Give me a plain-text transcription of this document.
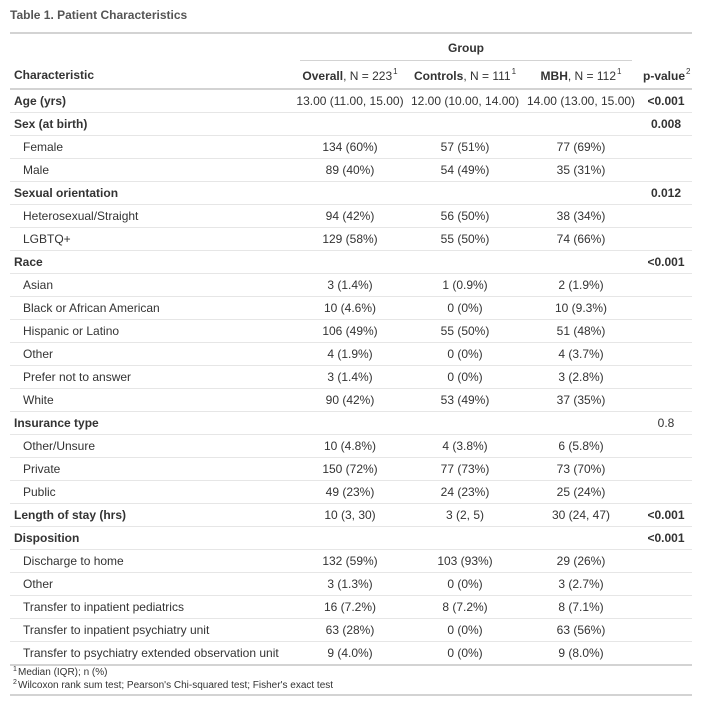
Table 1. Patient Characteristics
	Group			
Characteristic	Overall, $N = 223^1$	Controls, $N = 111^1$	MBH, $N = 112^1$	p-value$^2$
Age (yrs)	13.00 (11.00, 15.00)	12.00 (10.00, 14.00)	14.00 (13.00, 15.00)	<0.001
Sex (at birth)				0.008
Female	134 (60%)	57 (51%)	77 (69%)	
Male	89 (40%)	54 (49%)	35 (31%)	
Sexual orientation				0.012
Heterosexual/Straight	94 (42%)	56 (50%)	38 (34%)	
LGBTQ+	129 (58%)	55 (50%)	74 (66%)	
Race				<0.001
Asian	3 (1.4%)	1 (0.9%)	2 (1.9%)	
Black or African American	10 (4.6%)	0 (0%)	10 (9.3%)	
Hispanic or Latino	106 (49%)	55 (50%)	51 (48%)	
Other	4 (1.9%)	0 (0%)	4 (3.7%)	
Prefer not to answer	3 (1.4%)	0 (0%)	3 (2.8%)	
White	90 (42%)	53 (49%)	37 (35%)	
Insurance type				0.8
Other/Unsure	10 (4.8%)	4 (3.8%)	6 (5.8%)	
Private	150 (72%)	77 (73%)	73 (70%)	
Public	49 (23%)	24 (23%)	25 (24%)	
Length of stay (hrs)	10 (3, 30)	3 (2, 5)	30 (24, 47)	<0.001
Disposition				<0.001
Discharge to home	132 (59%)	103 (93%)	29 (26%)	
Other	3 (1.3%)	0 (0%)	3 (2.7%)	
Transfer to inpatient pediatrics	16 (7.2%)	8 (7.2%)	8 (7.1%)	
Transfer to inpatient psychiatry unit	63 (28%)	0 (0%)	63 (56%)	
Transfer to psychiatry extended observation unit	9 (4.0%)	0 (0%)	9 (8.0%)	
1 Median (IQR); n (%)
2 Wilcoxon rank sum test; Pearson's Chi-squared test; Fisher's exact test
